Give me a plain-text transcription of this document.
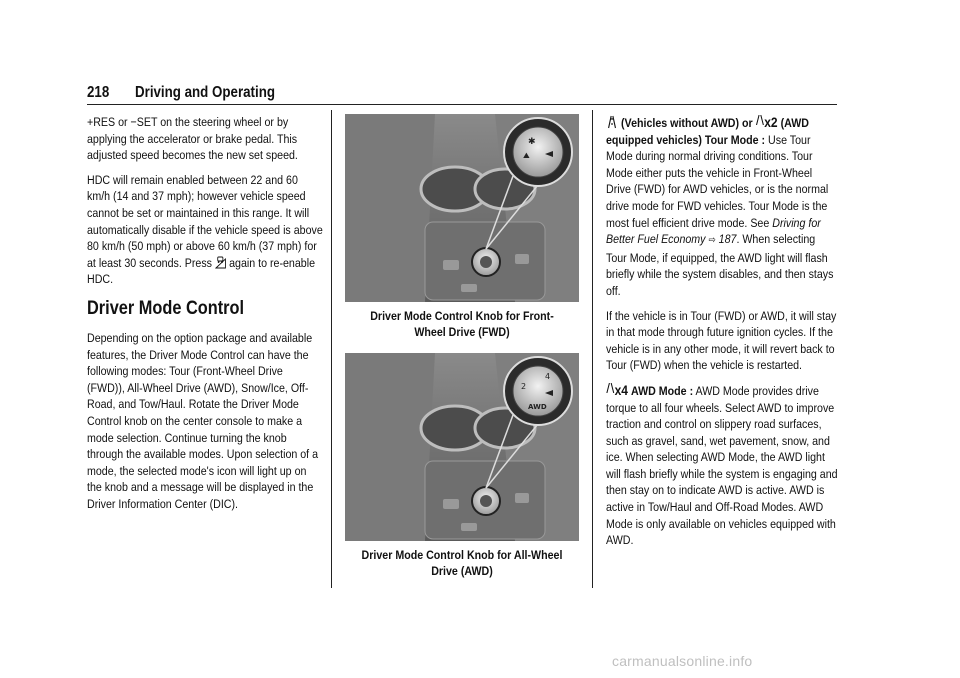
218 Driving and Operating

+RES or −SET on the steering wheel or by applying the accelerator or brake pedal. This adjusted speed becomes the new set speed.

HDC will remain enabled between 22 and 60 km/h (14 and 37 mph); however vehicle speed cannot be set or maintained in this range. It will automatically disable if the vehicle speed is above 80 km/h (50 mph) or above 60 km/h (37 mph) for at least 30 seconds. Press again to re-enable HDC.

Driver Mode Control

Depending on the option package and available features, the Driver Mode Control can have the following modes: Tour (Front-Wheel Drive (FWD)), All-Wheel Drive (AWD), Snow/Ice, Off-Road, and Tow/Haul. Rotate the Driver Mode Control knob on the center console to make a mode selection. Continue turning the knob through the available modes. Upon selection of a mode, the selected mode's icon will light up on the knob and a message will be displayed in the Driver Information Center (DIC).

✱
⛰
Driver Mode Control Knob for Front-Wheel Drive (FWD)
2
4
AWD
Driver Mode Control Knob for All-Wheel Drive (AWD)

(Vehicles without AWD) or x2 (AWD equipped vehicles) Tour Mode : Use Tour Mode during normal driving conditions. Tour Mode either puts the vehicle in Front-Wheel Drive (FWD) for AWD vehicles, or is the normal drive mode for FWD vehicles. Tour Mode is the most fuel efficient drive mode. See Driving for Better Fuel Economy ⇨ 187. When selecting Tour Mode, if equipped, the AWD light will flash briefly while the system disables, and then stays off.

If the vehicle is in Tour (FWD) or AWD, it will stay in that mode through future ignition cycles. If the vehicle is in any other mode, it will revert back to Tour (FWD) when the vehicle is restarted.

x4 AWD Mode : AWD Mode provides drive torque to all four wheels. Select AWD to improve traction and control on slippery road surfaces, such as gravel, sand, wet pavement, snow, and ice. When selecting AWD Mode, the AWD light will flash briefly while the system is engaging and then stay on to indicate AWD is active. AWD is active in Tow/Haul and Off-Road Modes. AWD Mode is only available on vehicles equipped with AWD.

carmanualsonline.info
